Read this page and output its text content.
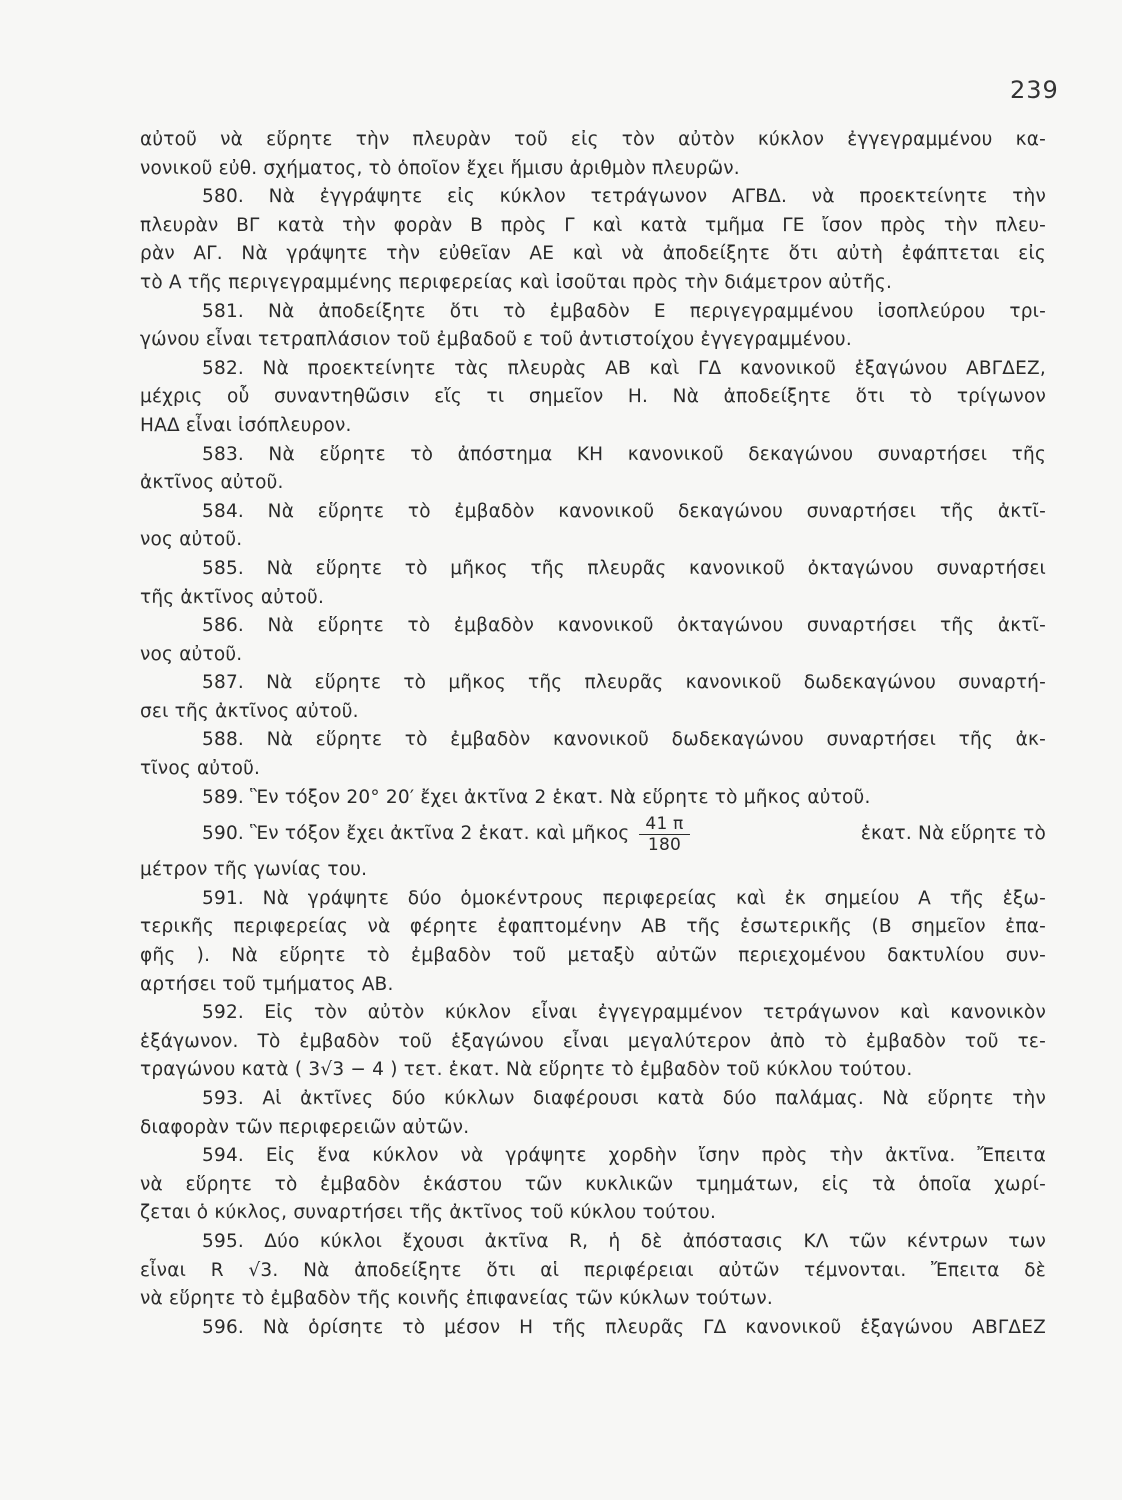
239
αὐτοῦ νὰ εὕρητε τὴν πλευρὰν τοῦ εἰς τὸν αὐτὸν κύκλον ἐγγεγραμμένου κα-
νονικοῦ εὐθ. σχήματος, τὸ ὁποῖον ἔχει ἥμισυ ἀριθμὸν πλευρῶν.
580. Νὰ ἐγγράψητε εἰς κύκλον τετράγωνον ΑΓΒΔ. νὰ προεκτείνητε τὴν
πλευρὰν ΒΓ κατὰ τὴν φορὰν Β πρὸς Γ καὶ κατὰ τμῆμα ΓΕ ἴσον πρὸς τὴν πλευ-
ρὰν ΑΓ. Νὰ γράψητε τὴν εὐθεῖαν ΑΕ καὶ νὰ ἀποδείξητε ὅτι αὐτὴ ἐφάπτεται εἰς
τὸ Α τῆς περιγεγραμμένης περιφερείας καὶ ἰσοῦται πρὸς τὴν διάμετρον αὐτῆς.
581. Νὰ ἀποδείξητε ὅτι τὸ ἐμβαδὸν Ε περιγεγραμμένου ἰσοπλεύρου τρι-
γώνου εἶναι τετραπλάσιον τοῦ ἐμβαδοῦ ε τοῦ ἀντιστοίχου ἐγγεγραμμένου.
582. Νὰ προεκτείνητε τὰς πλευρὰς ΑΒ καὶ ΓΔ κανονικοῦ ἑξαγώνου ΑΒΓΔΕΖ,
μέχρις οὗ συναντηθῶσιν εἴς τι σημεῖον Η. Νὰ ἀποδείξητε ὅτι τὸ τρίγωνον
ΗΑΔ εἶναι ἰσόπλευρον.
583. Νὰ εὕρητε τὸ ἀπόστημα ΚΗ κανονικοῦ δεκαγώνου συναρτήσει τῆς
ἀκτῖνος αὐτοῦ.
584. Νὰ εὕρητε τὸ ἐμβαδὸν κανονικοῦ δεκαγώνου συναρτήσει τῆς ἀκτῖ-
νος αὐτοῦ.
585. Νὰ εὕρητε τὸ μῆκος τῆς πλευρᾶς κανονικοῦ ὀκταγώνου συναρτήσει
τῆς ἀκτῖνος αὐτοῦ.
586. Νὰ εὕρητε τὸ ἐμβαδὸν κανονικοῦ ὀκταγώνου συναρτήσει τῆς ἀκτῖ-
νος αὐτοῦ.
587. Νὰ εὕρητε τὸ μῆκος τῆς πλευρᾶς κανονικοῦ δωδεκαγώνου συναρτή-
σει τῆς ἀκτῖνος αὐτοῦ.
588. Νὰ εὕρητε τὸ ἐμβαδὸν κανονικοῦ δωδεκαγώνου συναρτήσει τῆς ἀκ-
τῖνος αὐτοῦ.
589. Ἓν τόξον 20° 20′ ἔχει ἀκτῖνα 2 ἑκατ. Νὰ εὕρητε τὸ μῆκος αὐτοῦ.
590. Ἓν τόξον ἔχει ἀκτῖνα 2 ἑκατ. καὶ μῆκος $\frac{41 \pi}{180}$	ἑκατ. Νὰ εὕρητε τὸ
μέτρον τῆς γωνίας του.
591. Νὰ γράψητε δύο ὁμοκέντρους περιφερείας καὶ ἐκ σημείου Α τῆς ἐξω-
τερικῆς περιφερείας νὰ φέρητε ἐφαπτομένην ΑΒ τῆς ἐσωτερικῆς (Β σημεῖον ἐπα-
φῆς ). Νὰ εὕρητε τὸ ἐμβαδὸν τοῦ μεταξὺ αὐτῶν περιεχομένου δακτυλίου συν-
αρτήσει τοῦ τμήματος ΑΒ.
592. Εἰς τὸν αὐτὸν κύκλον εἶναι ἐγγεγραμμένον τετράγωνον καὶ κανονικὸν
ἑξάγωνον. Τὸ ἐμβαδὸν τοῦ ἑξαγώνου εἶναι μεγαλύτερον ἀπὸ τὸ ἐμβαδὸν τοῦ τε-
τραγώνου κατὰ ( 3√3 − 4 ) τετ. ἑκατ. Νὰ εὕρητε τὸ ἐμβαδὸν τοῦ κύκλου τούτου.
593. Αἱ ἀκτῖνες δύο κύκλων διαφέρουσι κατὰ δύο παλάμας. Νὰ εὕρητε τὴν
διαφορὰν τῶν περιφερειῶν αὐτῶν.
594. Εἰς ἕνα κύκλον νὰ γράψητε χορδὴν ἴσην πρὸς τὴν ἀκτῖνα. Ἔπειτα
νὰ εὕρητε τὸ ἐμβαδὸν ἑκάστου τῶν κυκλικῶν τμημάτων, εἰς τὰ ὁποῖα χωρί-
ζεται ὁ κύκλος, συναρτήσει τῆς ἀκτῖνος τοῦ κύκλου τούτου.
595. Δύο κύκλοι ἔχουσι ἀκτῖνα R, ἡ δὲ ἀπόστασις ΚΛ τῶν κέντρων των
εἶναι R √3. Νὰ ἀποδείξητε ὅτι αἱ περιφέρειαι αὐτῶν τέμνονται. Ἔπειτα δὲ
νὰ εὕρητε τὸ ἐμβαδὸν τῆς κοινῆς ἐπιφανείας τῶν κύκλων τούτων.
596. Νὰ ὁρίσητε τὸ μέσον Η τῆς πλευρᾶς ΓΔ κανονικοῦ ἑξαγώνου ΑΒΓΔΕΖ
